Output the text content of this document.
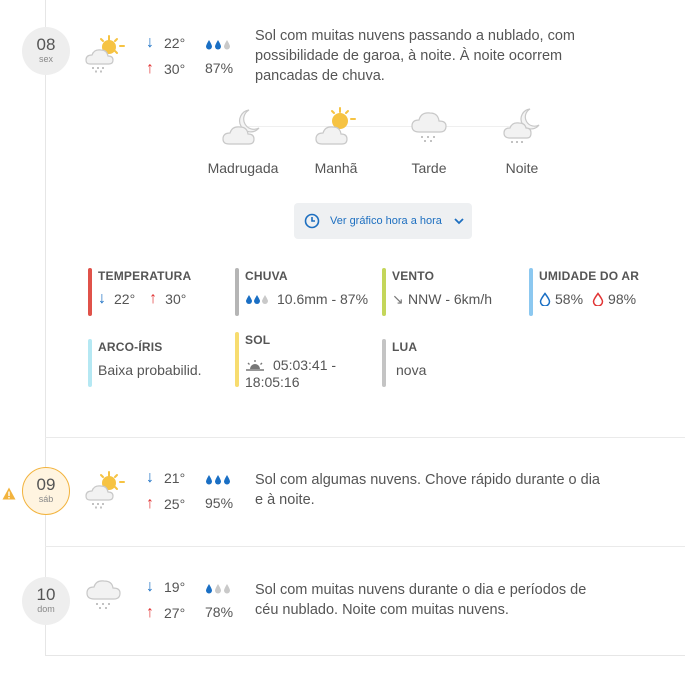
08
sex
↓ 22°
↑ 30° 87%
Sol com muitas nuvens passando a nublado, com
possibilidade de garoa, à noite. À noite ocorrem
pancadas de chuva.
Madrugada	Manhã	Tarde	Noite
Ver gráfico hora a hora
TEMPERATURA
↓ 22° ↑ 30°
CHUVA
10.6mm - 87%
VENTO
↘ NNW - 6km/h
UMIDADE DO AR
58% 98%
ARCO-ÍRIS
Baixa probabilid.
SOL
05:03:41 -
18:05:16
LUA
nova
09
sáb
↓ 21°
↑ 25° 95%
Sol com algumas nuvens. Chove rápido durante o dia
e à noite.
10
dom
↓ 19°
↑ 27° 78%
Sol com muitas nuvens durante o dia e períodos de
céu nublado. Noite com muitas nuvens.
